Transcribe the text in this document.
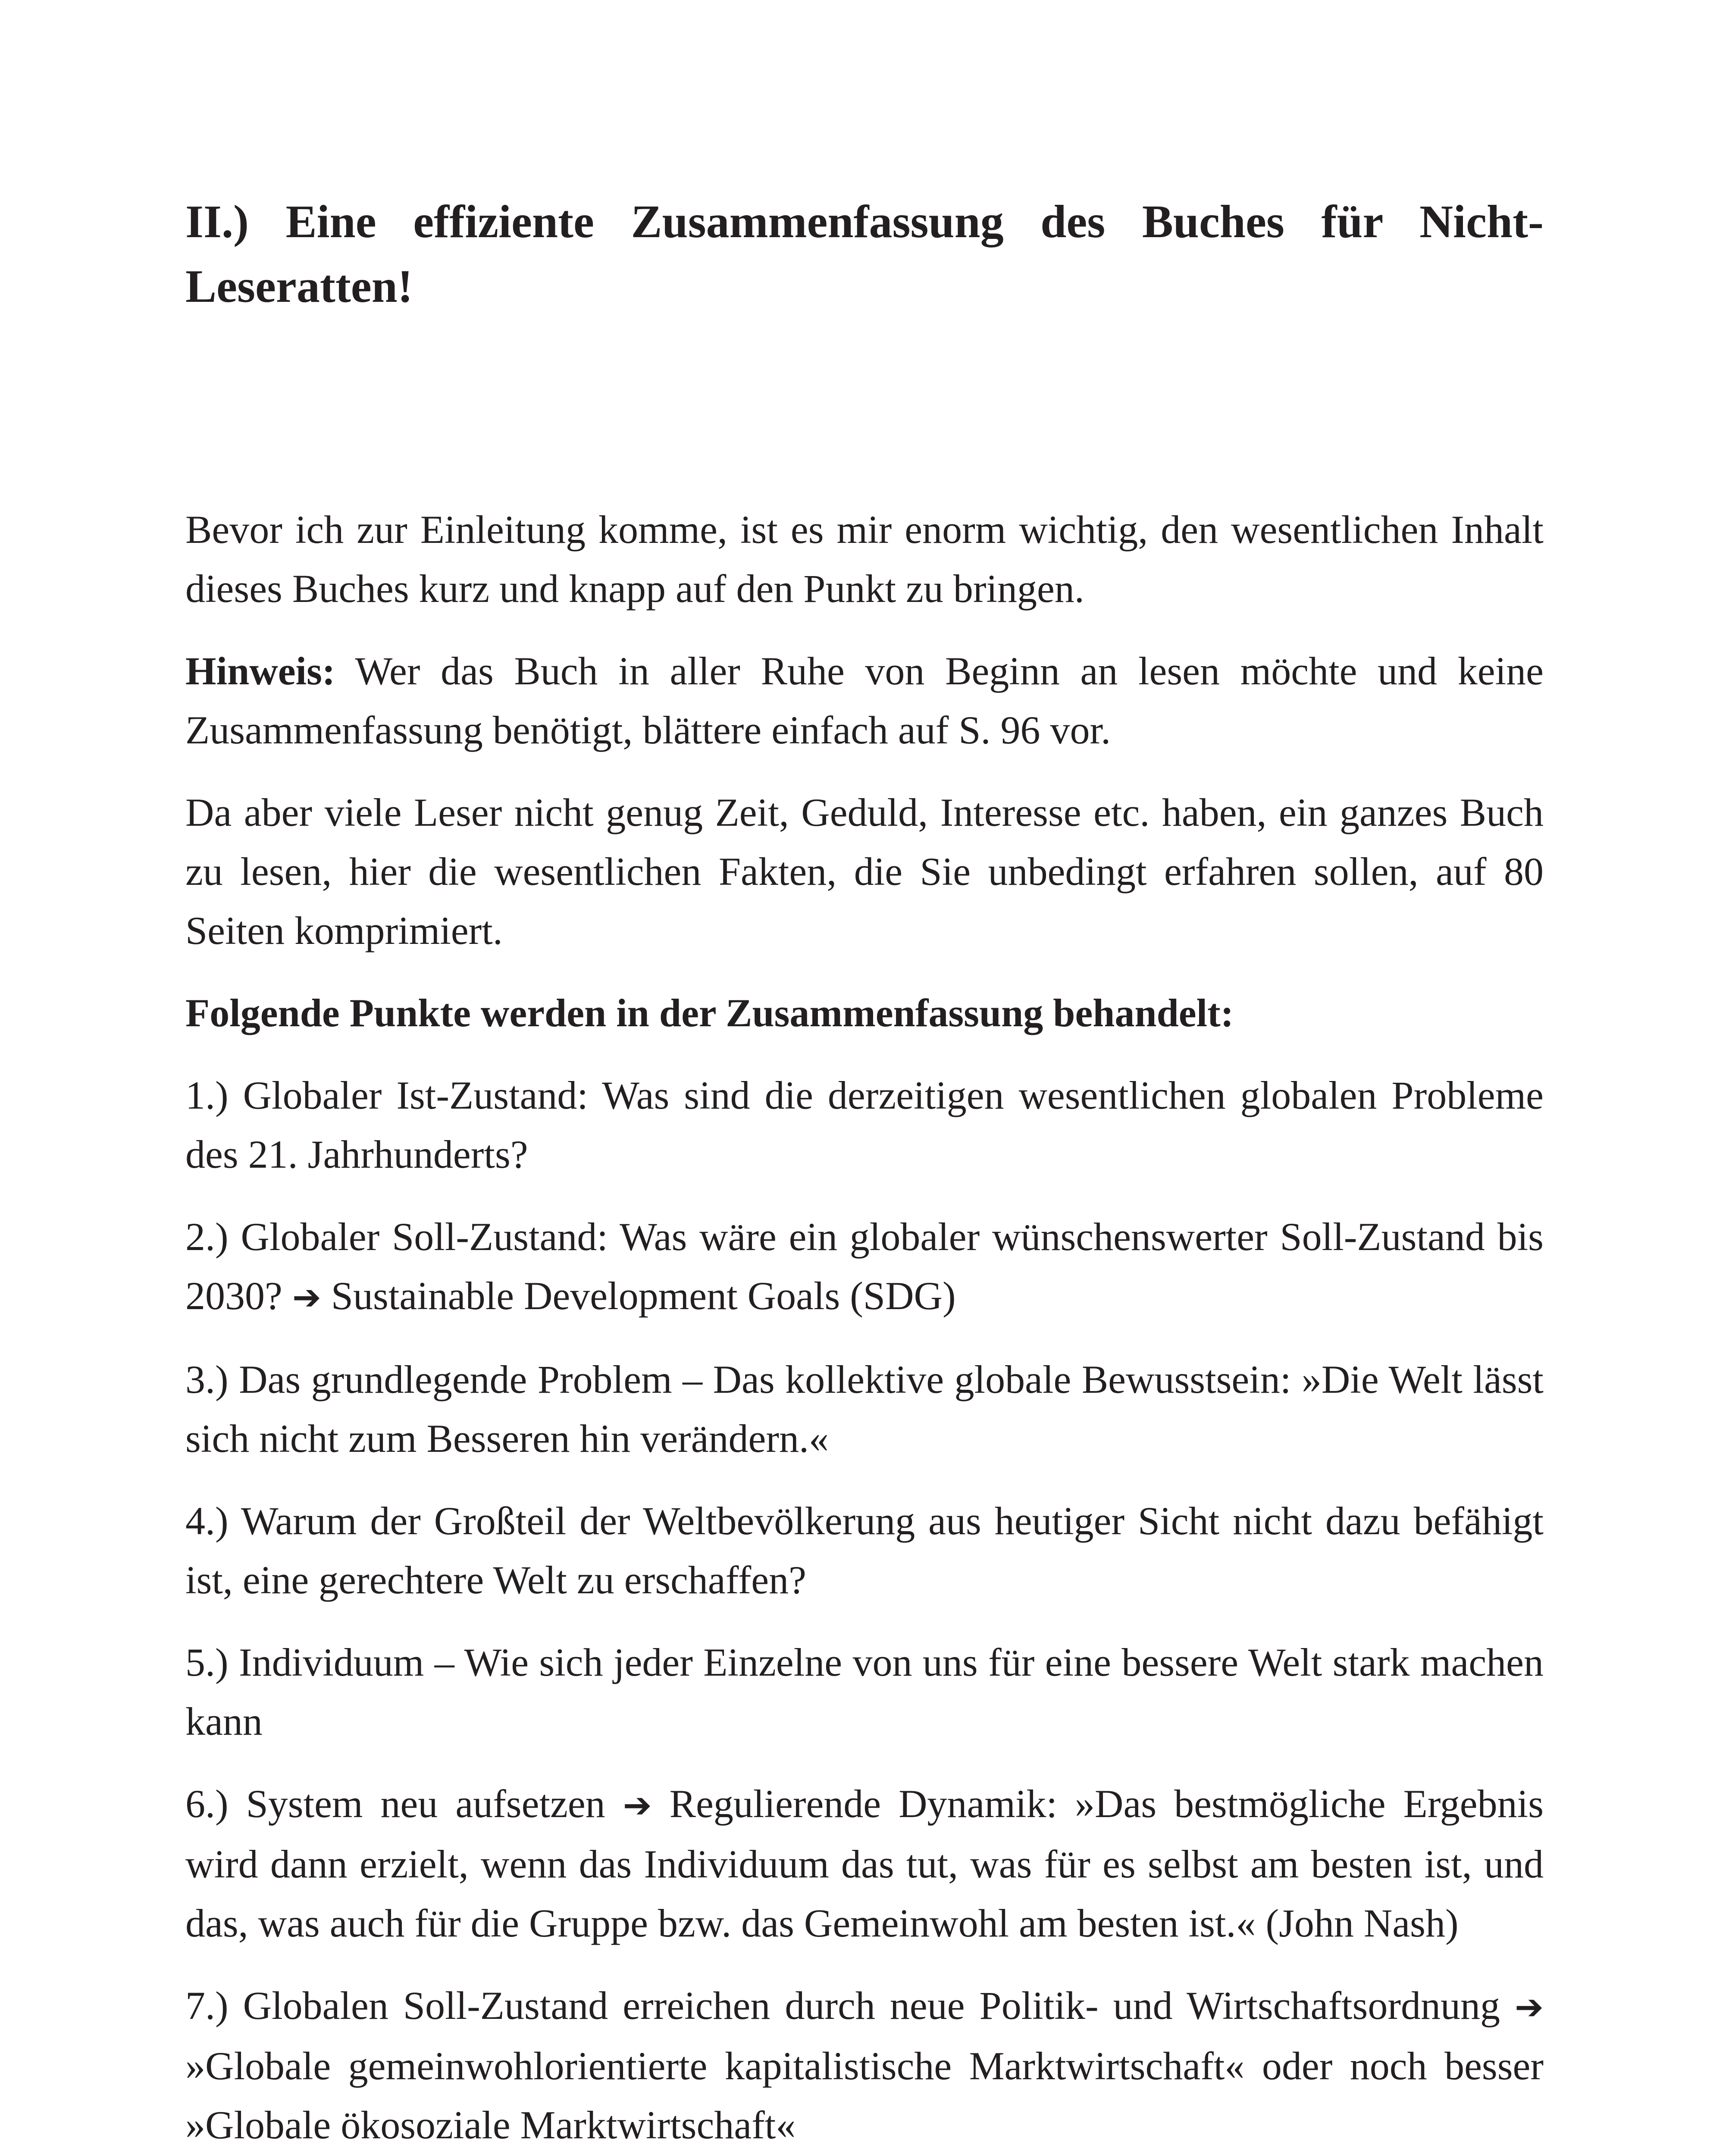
II.) Eine effiziente Zusammenfassung des Buches für Nicht-Leseratten!

Bevor ich zur Einleitung komme, ist es mir enorm wichtig, den wesentlichen Inhalt dieses Buches kurz und knapp auf den Punkt zu bringen.

Hinweis: Wer das Buch in aller Ruhe von Beginn an lesen möchte und keine Zusammenfassung benötigt, blättere einfach auf S. 96 vor.

Da aber viele Leser nicht genug Zeit, Geduld, Interesse etc. haben, ein ganzes Buch zu lesen, hier die wesentlichen Fakten, die Sie unbedingt erfahren sollen, auf 80 Seiten komprimiert.

Folgende Punkte werden in der Zusammenfassung behandelt:

1.) Globaler Ist-Zustand: Was sind die derzeitigen wesentlichen globalen Probleme des 21. Jahrhunderts?

2.) Globaler Soll-Zustand: Was wäre ein globaler wünschenswerter Soll-Zustand bis 2030? ➔ Sustainable Development Goals (SDG)

3.) Das grundlegende Problem – Das kollektive globale Bewusstsein: »Die Welt lässt sich nicht zum Besseren hin verändern.«

4.) Warum der Großteil der Weltbevölkerung aus heutiger Sicht nicht dazu befähigt ist, eine gerechtere Welt zu erschaffen?

5.) Individuum – Wie sich jeder Einzelne von uns für eine bessere Welt stark machen kann

6.) System neu aufsetzen ➔ Regulierende Dynamik: »Das bestmögliche Ergebnis wird dann erzielt, wenn das Individuum das tut, was für es selbst am besten ist, und das, was auch für die Gruppe bzw. das Gemeinwohl am besten ist.« (John Nash)

7.) Globalen Soll-Zustand erreichen durch neue Politik- und Wirtschaftsordnung ➔ »Globale gemeinwohlorientierte kapitalistische Marktwirtschaft« oder noch besser »Globale ökosoziale Marktwirtschaft«
